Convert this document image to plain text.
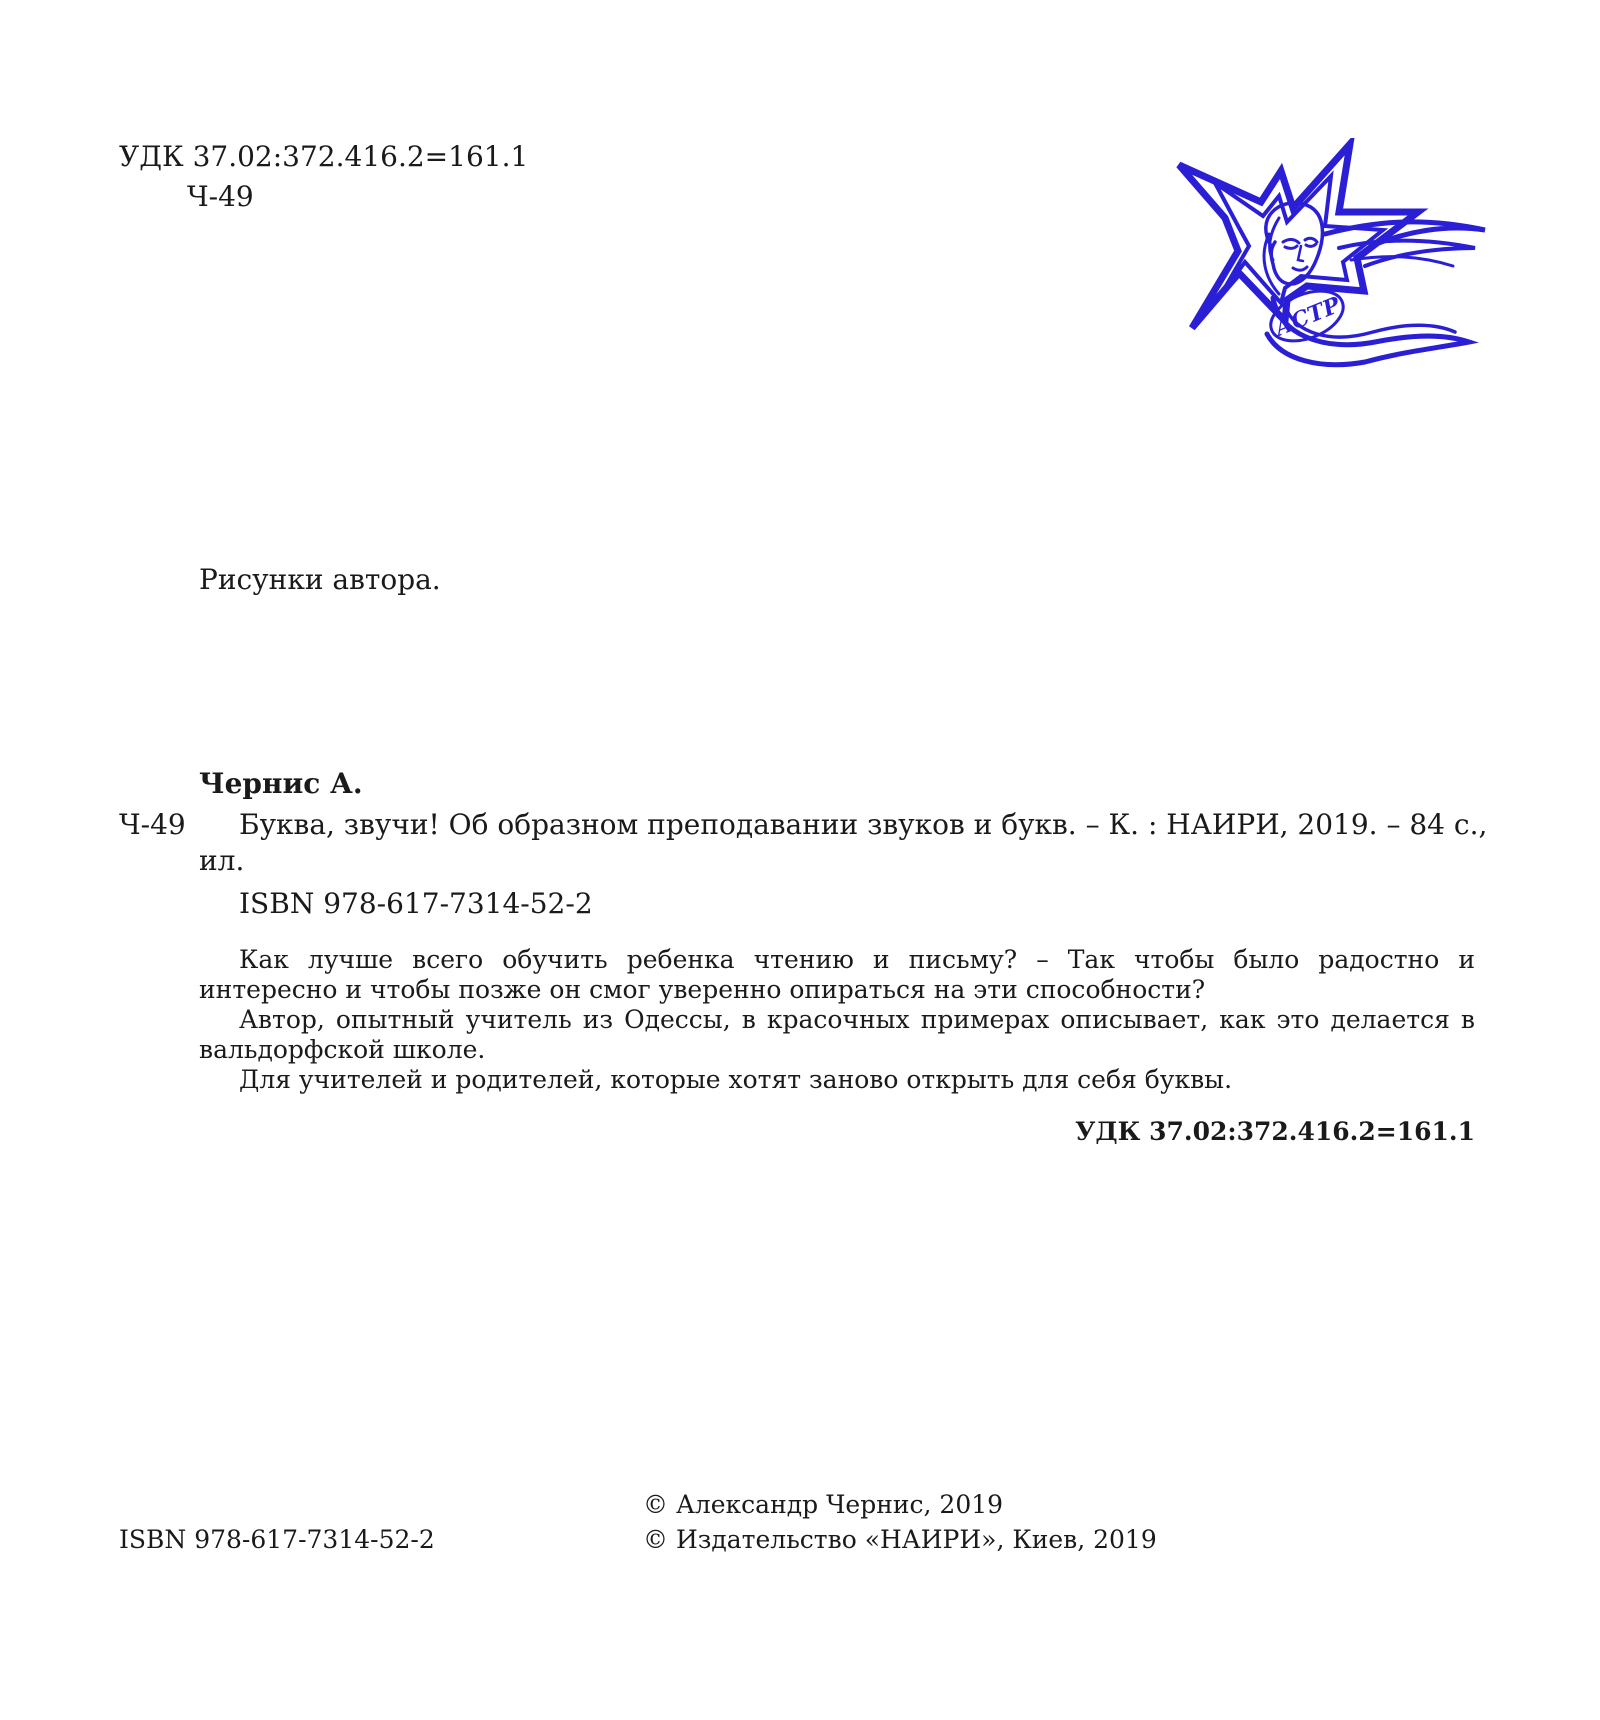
УДК 37.02:372.416.2=161.1
Ч-49
АСТР
Рисунки автора.
Чернис А.
Ч-49 Буква, звучи! Об образном преподавании звуков и букв. – К. : НАИРИ, 2019. – 84 с.,
ил.
ISBN 978-617-7314-52-2

Как лучше всего обучить ребенка чтению и письму? – Так чтобы было радостно и интересно и чтобы позже он смог уверенно опираться на эти способности?

Автор, опытный учитель из Одессы, в красочных примерах описывает, как это делается в вальдорфской школе.

Для учителей и родителей, которые хотят заново открыть для себя буквы.

УДК 37.02:372.416.2=161.1
ISBN 978-617-7314-52-2
© Александр Чернис, 2019
© Издательство «НАИРИ», Киев, 2019
